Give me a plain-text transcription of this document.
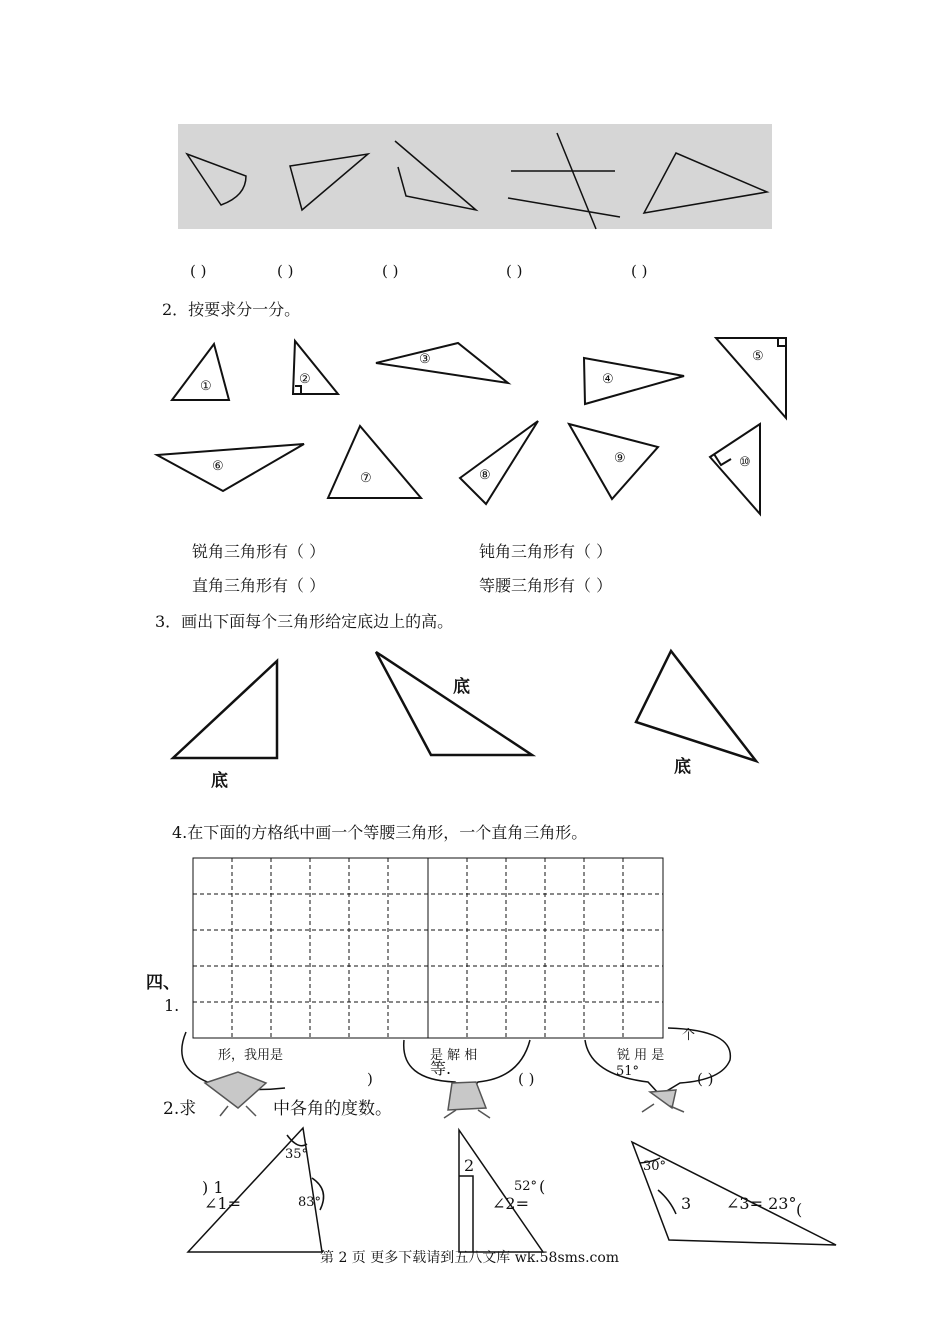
( )	( )	( )	( )	( )
2．按要求分一分。
①	②
③
④
⑤
⑥
⑦	⑧
⑨	⑩
锐角三角形有（ ）	钝角三角形有（ ）
直角三角形有（ ）	等腰三角形有（ ）
3．画出下面每个三角形给定底边上的高。
底
底
底
4.在下面的方格纸中画一个等腰三角形，一个直角三角形。
四、
1.
形，我用是	是 解 相
等.
个
锐 用 是
51°
)	( )	( )
2.求	中各角的度数。
35°
83°
) 1
∠1=
2
52° (
∠2=
30°
3 ∠3= 23° (
第 2 页 更多下载请到五八文库 wk.58sms.com
